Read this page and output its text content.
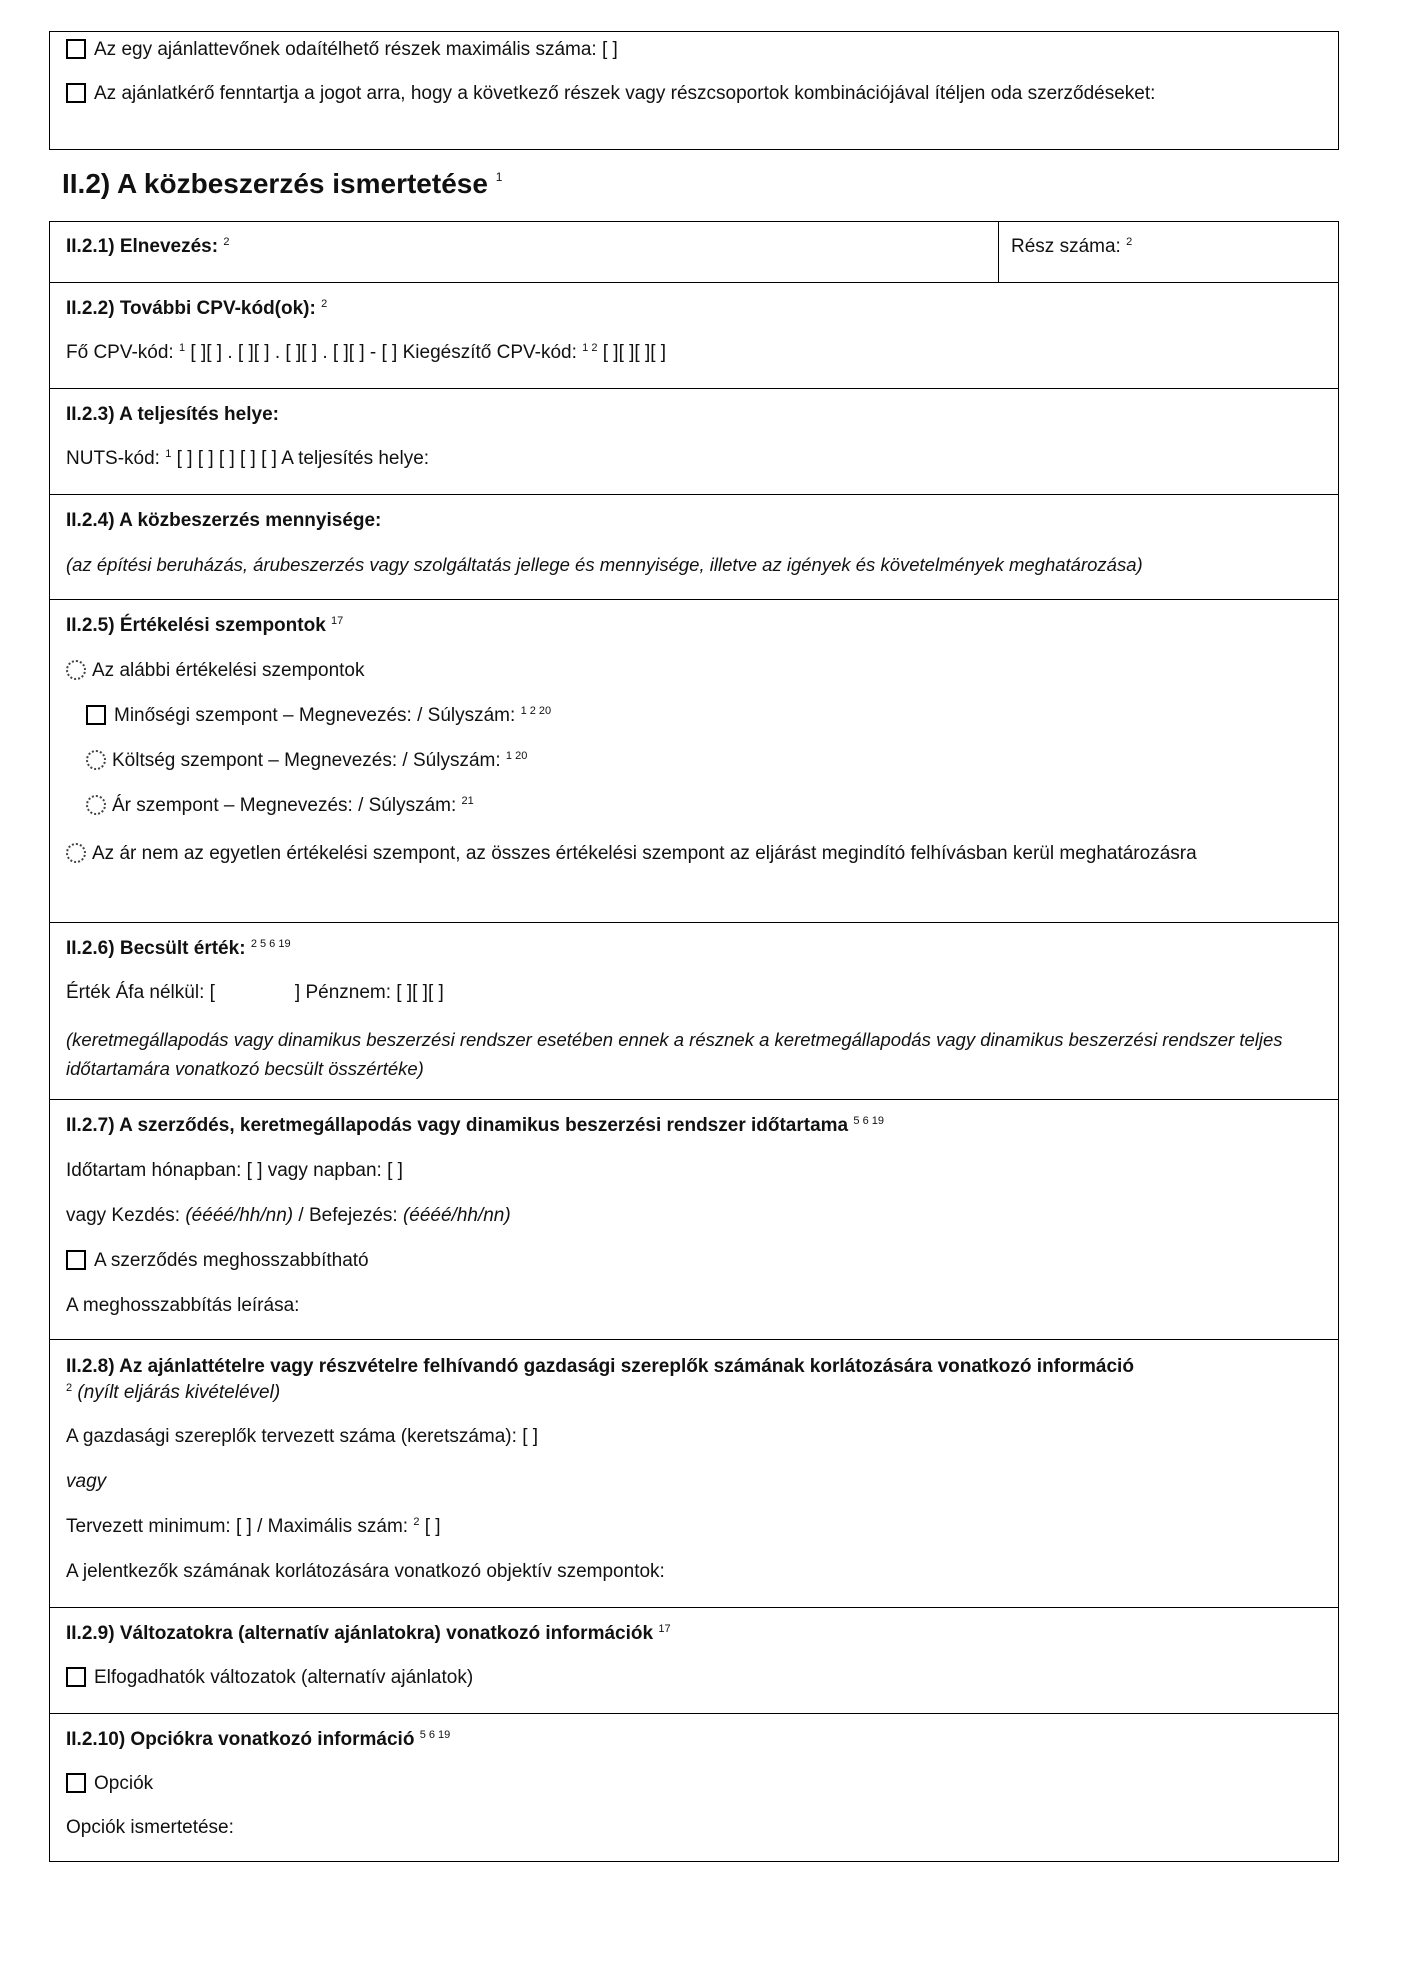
Az egy ajánlattevőnek odaítélhető részek maximális száma: [ ]
Az ajánlatkérő fenntartja a jogot arra, hogy a következő részek vagy részcsoportok kombinációjával ítéljen oda szerződéseket:
II.2) A közbeszerzés ismertetése $^1$
II.2.1) Elnevezés: $^2$	Rész száma: $^2$
II.2.2) További CPV-kód(ok): $^2$
Fő CPV-kód: $^1$ [ ][ ] . [ ][ ] . [ ][ ] . [ ][ ] - [ ] Kiegészítő CPV-kód: $^{1 2}$ [ ][ ][ ][ ]
II.2.3) A teljesítés helye:
NUTS-kód: $^1$ [ ] [ ] [ ] [ ] [ ] A teljesítés helye:
II.2.4) A közbeszerzés mennyisége:
(az építési beruházás, árubeszerzés vagy szolgáltatás jellege és mennyisége, illetve az igények és követelmények meghatározása)
II.2.5) Értékelési szempontok $^{17}$
Az alábbi értékelési szempontok
Minőségi szempont – Megnevezés: / Súlyszám: $^{1 2 20}$
Költség szempont – Megnevezés: / Súlyszám: $^{1 20}$
Ár szempont – Megnevezés: / Súlyszám: $^{21}$
Az ár nem az egyetlen értékelési szempont, az összes értékelési szempont az eljárást megindító felhívásban kerül meghatározásra
II.2.6) Becsült érték: $^{2 5 6 19}$
Érték Áfa nélkül: [	] Pénznem: [ ][ ][ ]
(keretmegállapodás vagy dinamikus beszerzési rendszer esetében ennek a résznek a keretmegállapodás vagy dinamikus beszerzési rendszer teljes időtartamára vonatkozó becsült összértéke)
II.2.7) A szerződés, keretmegállapodás vagy dinamikus beszerzési rendszer időtartama $^{5 6 19}$
Időtartam hónapban: [ ] vagy napban: [ ]
vagy Kezdés: (éééé/hh/nn) / Befejezés: (éééé/hh/nn)
A szerződés meghosszabbítható
A meghosszabbítás leírása:
II.2.8) Az ajánlattételre vagy részvételre felhívandó gazdasági szereplők számának korlátozására vonatkozó információ
$^2$ (nyílt eljárás kivételével)
A gazdasági szereplők tervezett száma (keretszáma): [ ]
vagy
Tervezett minimum: [ ] / Maximális szám: $^2$ [ ]
A jelentkezők számának korlátozására vonatkozó objektív szempontok:
II.2.9) Változatokra (alternatív ajánlatokra) vonatkozó információk $^{17}$
Elfogadhatók változatok (alternatív ajánlatok)
II.2.10) Opciókra vonatkozó információ $^{5 6 19}$
Opciók
Opciók ismertetése:
